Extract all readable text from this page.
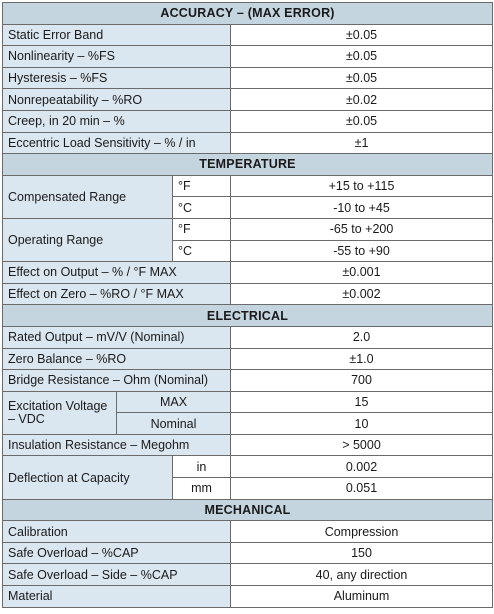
ACCURACY – (MAX ERROR)			
Static Error Band			±0.05
Nonlinearity – %FS			±0.05
Hysteresis – %FS			±0.05
Nonrepeatability – %RO			±0.02
Creep, in 20 min – %			±0.05
Eccentric Load Sensitivity – % / in			±1
TEMPERATURE			
Compensated Range		°F	+15 to +115
		°C	-10 to +45
Operating Range		°F	-65 to +200
		°C	-55 to +90
Effect on Output – % / °F MAX			±0.001
Effect on Zero – %RO / °F MAX			±0.002
ELECTRICAL			
Rated Output – mV/V (Nominal)			2.0
Zero Balance – %RO			±1.0
Bridge Resistance – Ohm (Nominal)			700
Excitation Voltage – VDC	MAX		15
	Nominal		10
Insulation Resistance – Megohm			> 5000
Deflection at Capacity		in	0.002
		mm	0.051
MECHANICAL			
Calibration			Compression
Safe Overload – %CAP			150
Safe Overload – Side – %CAP			40, any direction
Material			Aluminum
